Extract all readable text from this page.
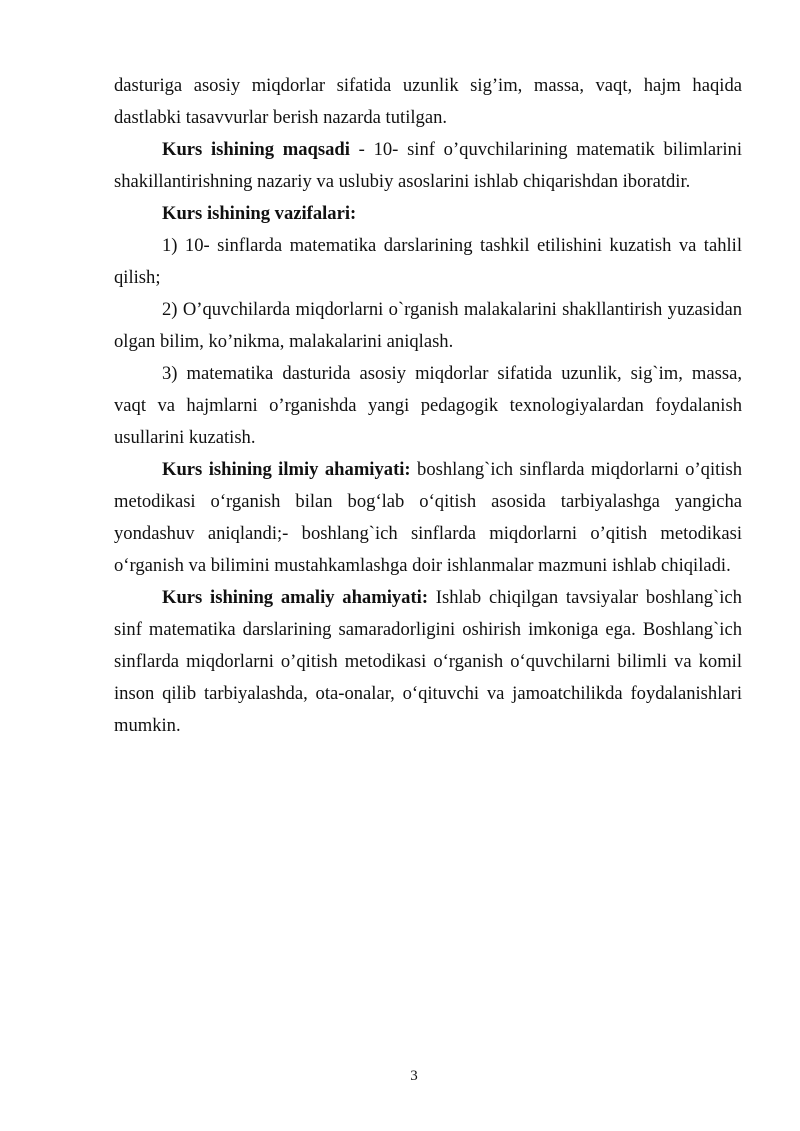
dasturiga asosiy miqdorlar sifatida uzunlik sig’im, massa, vaqt, hajm haqida dastlabki tasavvurlar berish nazarda tutilgan.

Kurs ishining maqsadi - 10- sinf o’quvchilarining matematik bilimlarini shakillantirishning nazariy va uslubiy asoslarini ishlab chiqarishdan iboratdir.

Kurs ishining vazifalari:

1) 10- sinflarda matematika darslarining tashkil etilishini kuzatish va tahlil qilish;

2) O’quvchilarda miqdorlarni o`rganish malakalarini shakllantirish yuzasidan olgan bilim, ko’nikma, malakalarini aniqlash.

3) matematika dasturida asosiy miqdorlar sifatida uzunlik, sig`im, massa, vaqt va hajmlarni o’rganishda yangi pedagogik texnologiyalardan foydalanish usullarini kuzatish.

Kurs ishining ilmiy ahamiyati: boshlang`ich sinflarda miqdorlarni o’qitish metodikasi o‘rganish bilan bog‘lab o‘qitish asosida tarbiyalashga yangicha yondashuv aniqlandi;- boshlang`ich sinflarda miqdorlarni o’qitish metodikasi o‘rganish va bilimini mustahkamlashga doir ishlanmalar mazmuni ishlab chiqiladi.

Kurs ishining amaliy ahamiyati: Ishlab chiqilgan tavsiyalar boshlang`ich sinf matematika darslarining samaradorligini oshirish imkoniga ega. Boshlang`ich sinflarda miqdorlarni o’qitish metodikasi o‘rganish o‘quvchilarni bilimli va komil inson qilib tarbiyalashda, ota-onalar, o‘qituvchi va jamoatchilikda foydalanishlari mumkin.

3
